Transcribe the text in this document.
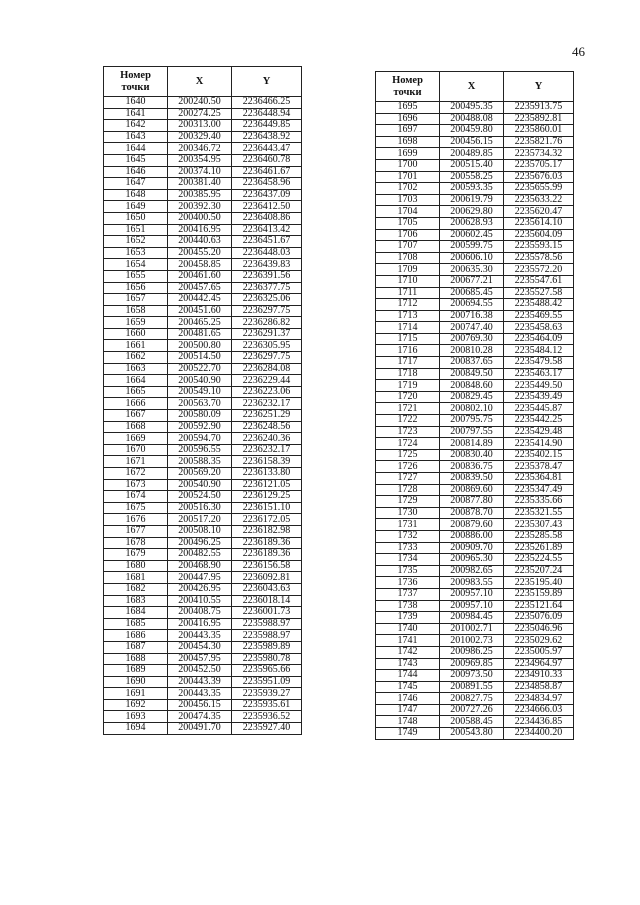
46
Номер
точки	X	Y
1640	200240.50	2236466.25
1641	200274.25	2236448.94
1642	200313.00	2236449.85
1643	200329.40	2236438.92
1644	200346.72	2236443.47
1645	200354.95	2236460.78
1646	200374.10	2236461.67
1647	200381.40	2236458.96
1648	200385.95	2236437.09
1649	200392.30	2236412.50
1650	200400.50	2236408.86
1651	200416.95	2236413.42
1652	200440.63	2236451.67
1653	200455.20	2236448.03
1654	200458.85	2236439.83
1655	200461.60	2236391.56
1656	200457.65	2236377.75
1657	200442.45	2236325.06
1658	200451.60	2236297.75
1659	200465.25	2236286.82
1660	200481.65	2236291.37
1661	200500.80	2236305.95
1662	200514.50	2236297.75
1663	200522.70	2236284.08
1664	200540.90	2236229.44
1665	200549.10	2236223.06
1666	200563.70	2236232.17
1667	200580.09	2236251.29
1668	200592.90	2236248.56
1669	200594.70	2236240.36
1670	200596.55	2236232.17
1671	200588.35	2236158.39
1672	200569.20	2236133.80
1673	200540.90	2236121.05
1674	200524.50	2236129.25
1675	200516.30	2236151.10
1676	200517.20	2236172.05
1677	200508.10	2236182.98
1678	200496.25	2236189.36
1679	200482.55	2236189.36
1680	200468.90	2236156.58
1681	200447.95	2236092.81
1682	200426.95	2236043.63
1683	200410.55	2236018.14
1684	200408.75	2236001.73
1685	200416.95	2235988.97
1686	200443.35	2235988.97
1687	200454.30	2235989.89
1688	200457.95	2235980.78
1689	200452.50	2235965.66
1690	200443.39	2235951.09
1691	200443.35	2235939.27
1692	200456.15	2235935.61
1693	200474.35	2235936.52
1694	200491.70	2235927.40
Номер
точки	X	Y
1695	200495.35	2235913.75
1696	200488.08	2235892.81
1697	200459.80	2235860.01
1698	200456.15	2235821.76
1699	200489.85	2235734.32
1700	200515.40	2235705.17
1701	200558.25	2235676.03
1702	200593.35	2235655.99
1703	200619.79	2235633.22
1704	200629.80	2235620.47
1705	200628.93	2235614.10
1706	200602.45	2235604.09
1707	200599.75	2235593.15
1708	200606.10	2235578.56
1709	200635.30	2235572.20
1710	200677.21	2235547.61
1711	200685.45	2235527.58
1712	200694.55	2235488.42
1713	200716.38	2235469.55
1714	200747.40	2235458.63
1715	200769.30	2235464.09
1716	200810.28	2235484.12
1717	200837.65	2235479.58
1718	200849.50	2235463.17
1719	200848.60	2235449.50
1720	200829.45	2235439.49
1721	200802.10	2235445.87
1722	200795.75	2235442.25
1723	200797.55	2235429.48
1724	200814.89	2235414.90
1725	200830.40	2235402.15
1726	200836.75	2235378.47
1727	200839.50	2235364.81
1728	200869.60	2235347.49
1729	200877.80	2235335.66
1730	200878.70	2235321.55
1731	200879.60	2235307.43
1732	200886.00	2235285.58
1733	200909.70	2235261.89
1734	200965.30	2235224.55
1735	200982.65	2235207.24
1736	200983.55	2235195.40
1737	200957.10	2235159.89
1738	200957.10	2235121.64
1739	200984.45	2235076.09
1740	201002.71	2235046.96
1741	201002.73	2235029.62
1742	200986.25	2235005.97
1743	200969.85	2234964.97
1744	200973.50	2234910.33
1745	200891.55	2234858.87
1746	200827.75	2234834.97
1747	200727.26	2234666.03
1748	200588.45	2234436.85
1749	200543.80	2234400.20
